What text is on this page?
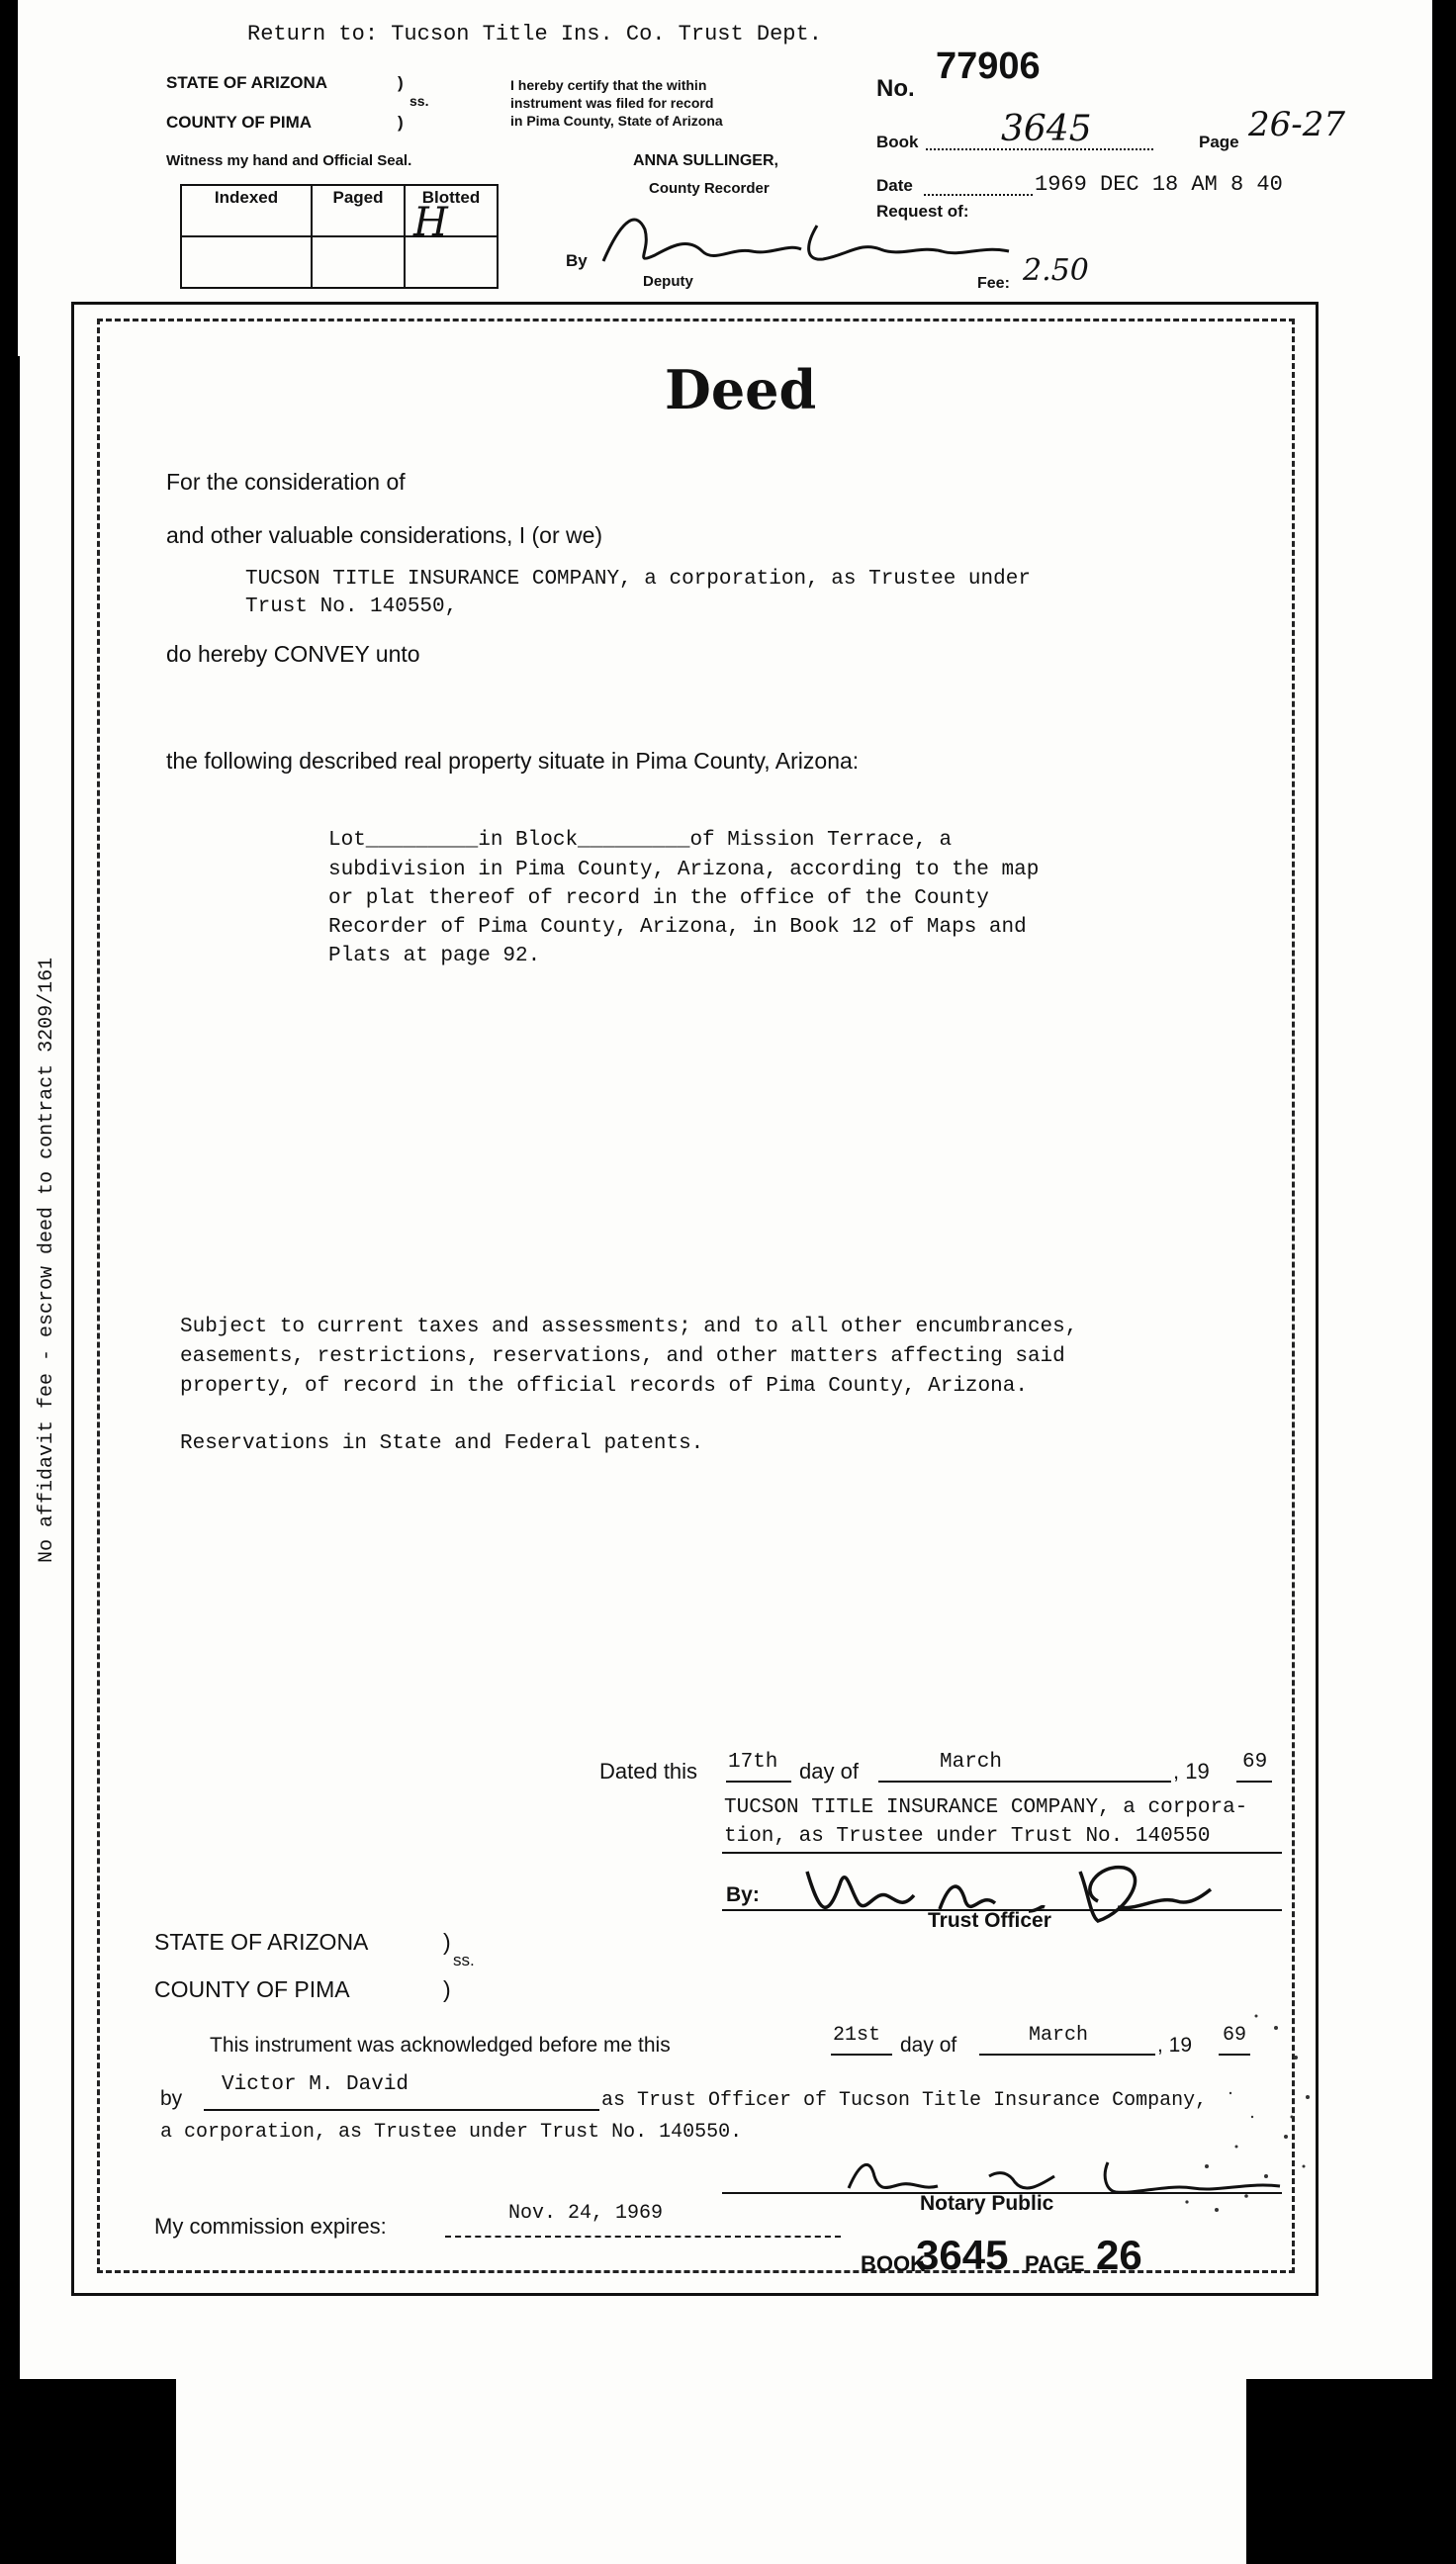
Return to: Tucson Title Ins. Co. Trust Dept.
STATE OF ARIZONA
COUNTY OF PIMA
)
ss.
)
I hereby certify that the within
instrument was filed for record
in Pima County, State of Arizona
Witness my hand and Official Seal.	ANNA SULLINGER,
County Recorder
Indexed	Paged	Blotted

H
No.
77906
Book 3645	Page 26-27
Date	1969 DEC 18 AM 8 40
Request of:
By
Deputy	Fee: 2.50
Deed
For the consideration of
and other valuable considerations, I (or we)
TUCSON TITLE INSURANCE COMPANY, a corporation, as Trustee under
Trust No. 140550,
do hereby CONVEY unto
the following described real property situate in Pima County, Arizona:
Lot_________in Block_________of Mission Terrace, a
subdivision in Pima County, Arizona, according to the map
or plat thereof of record in the office of the County
Recorder of Pima County, Arizona, in Book 12 of Maps and
Plats at page 92.
Subject to current taxes and assessments; and to all other encumbrances,
easements, restrictions, reservations, and other matters affecting said
property, of record in the official records of Pima County, Arizona.
Reservations in State and Federal patents.
Dated this 17th day of	March	, 19 69
TUCSON TITLE INSURANCE COMPANY, a corpora-
tion, as Trustee under Trust No. 140550
By:
Trust Officer
STATE OF ARIZONA	)
ss.
COUNTY OF PIMA	)
This instrument was acknowledged before me this	21st day of	March	, 19 69
by
Victor M. David
as Trust Officer of Tucson Title Insurance Company,
a corporation, as Trustee under Trust No. 140550.
Notary Public
My commission expires:
Nov. 24, 1969
BOOK
3645 PAGE 26
No affidavit fee - escrow deed to contract 3209/161
